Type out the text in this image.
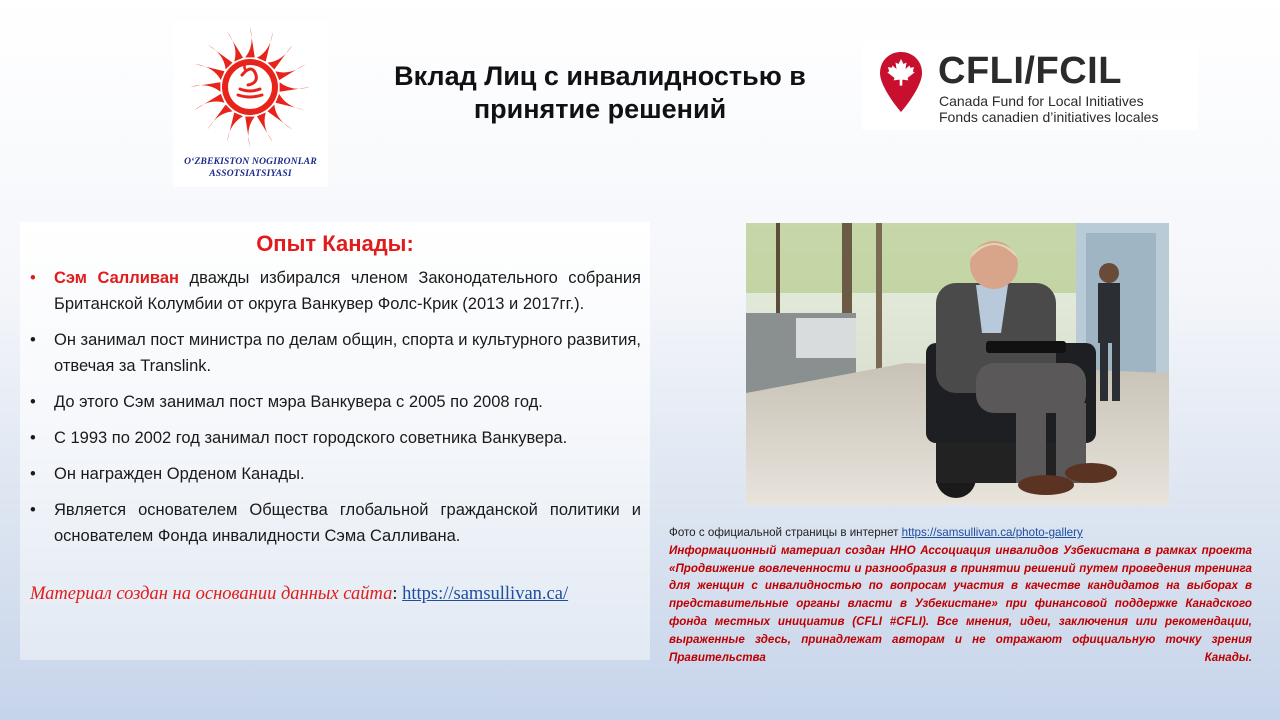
O‘ZBEKISTON NOGIRONLAR
ASSOTSIATSIYASI
Вклад Лиц с инвалидностью в принятие решений
CFLI/FCIL
Canada Fund for Local Initiatives
Fonds canadien d’initiatives locales
Опыт Канады:
• Сэм Салливан дважды избирался членом Законодательного собрания Британской Колумбии от округа Ванкувер Фолс-Крик (2013 и 2017гг.).
• Он занимал пост министра по делам общин, спорта и культурного развития, отвечая за Translink.
• До этого Сэм занимал пост мэра Ванкувера с 2005 по 2008 год.
• С 1993 по 2002 год занимал пост городского советника Ванкувера.
• Он награжден Орденом Канады.
• Является основателем Общества глобальной гражданской политики и основателем Фонда инвалидности Сэма Салливана.
Материал создан на основании данных сайта: https://samsullivan.ca/
Фото с официальной страницы в интернет https://samsullivan.ca/photo-gallery
Информационный материал создан ННО Ассоциация инвалидов Узбекистана в рамках проекта «Продвижение вовлеченности и разнообразия в принятии решений путем проведения тренинга для женщин с инвалидностью по вопросам участия в качестве кандидатов на выборах в представительные органы власти в Узбекистане» при финансовой поддержке Канадского фонда местных инициатив (CFLI #CFLI). Все мнения, идеи, заключения или рекомендации, выраженные здесь, принадлежат авторам и не отражают официальную точку зрения Правительства Канады.
